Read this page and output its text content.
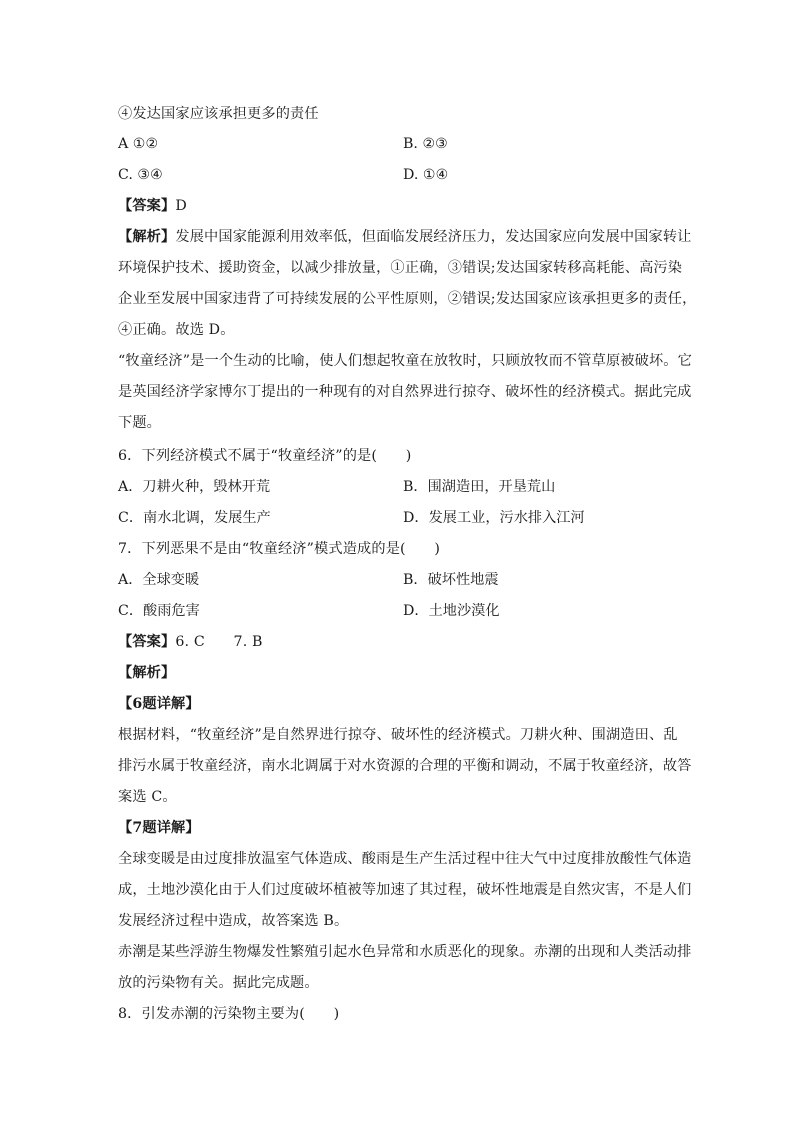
④发达国家应该承担更多的责任
A ①②	B. ②③
C. ③④	D. ①④
【答案】D
【解析】发展中国家能源利用效率低，但面临发展经济压力，发达国家应向发展中国家转让
环境保护技术、援助资金，以减少排放量，①正确，③错误;发达国家转移高耗能、高污染
企业至发展中国家违背了可持续发展的公平性原则，②错误;发达国家应该承担更多的责任，
④正确。故选 D。
“牧童经济”是一个生动的比喻，使人们想起牧童在放牧时，只顾放牧而不管草原被破坏。它
是英国经济学家博尔丁提出的一种现有的对自然界进行掠夺、破坏性的经济模式。据此完成
下题。
6．下列经济模式不属于“牧童经济”的是(　　)
A．刀耕火种，毁林开荒	B．围湖造田，开垦荒山
C．南水北调，发展生产	D．发展工业，污水排入江河
7．下列恶果不是由“牧童经济”模式造成的是(　　)
A．全球变暖	B．破坏性地震
C．酸雨危害	D．土地沙漠化
【答案】6. C　　7. B
【解析】
【6题详解】
根据材料，“牧童经济”是自然界进行掠夺、破坏性的经济模式。刀耕火种、围湖造田、乱
排污水属于牧童经济，南水北调属于对水资源的合理的平衡和调动，不属于牧童经济，故答
案选 C。
【7题详解】
全球变暖是由过度排放温室气体造成、酸雨是生产生活过程中往大气中过度排放酸性气体造
成，土地沙漠化由于人们过度破坏植被等加速了其过程，破坏性地震是自然灾害，不是人们
发展经济过程中造成，故答案选 B。
赤潮是某些浮游生物爆发性繁殖引起水色异常和水质恶化的现象。赤潮的出现和人类活动排
放的污染物有关。据此完成题。
8．引发赤潮的污染物主要为(　　)
